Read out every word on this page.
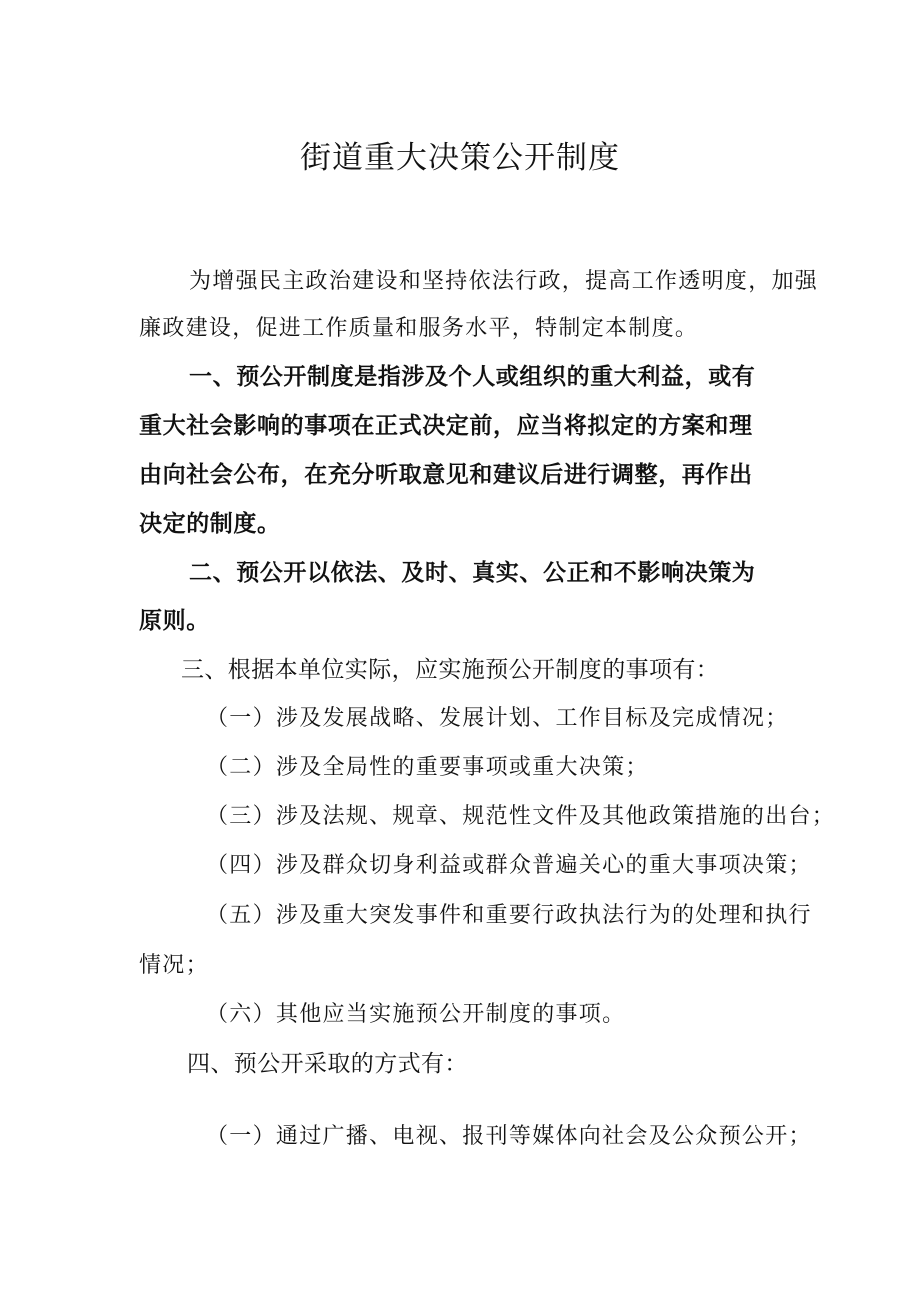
街道重大决策公开制度

为增强民主政治建设和坚持依法行政，提高工作透明度，加强

廉政建设，促进工作质量和服务水平，特制定本制度。

一、预公开制度是指涉及个人或组织的重大利益，或有

重大社会影响的事项在正式决定前，应当将拟定的方案和理

由向社会公布，在充分听取意见和建议后进行调整，再作出

决定的制度。

二、预公开以依法、及时、真实、公正和不影响决策为

原则。

三、根据本单位实际，应实施预公开制度的事项有：

（一）涉及发展战略、发展计划、工作目标及完成情况；

（二）涉及全局性的重要事项或重大决策；

（三）涉及法规、规章、规范性文件及其他政策措施的出台；

（四）涉及群众切身利益或群众普遍关心的重大事项决策；

（五）涉及重大突发事件和重要行政执法行为的处理和执行

情况；

（六）其他应当实施预公开制度的事项。

四、预公开采取的方式有：

（一）通过广播、电视、报刊等媒体向社会及公众预公开；
